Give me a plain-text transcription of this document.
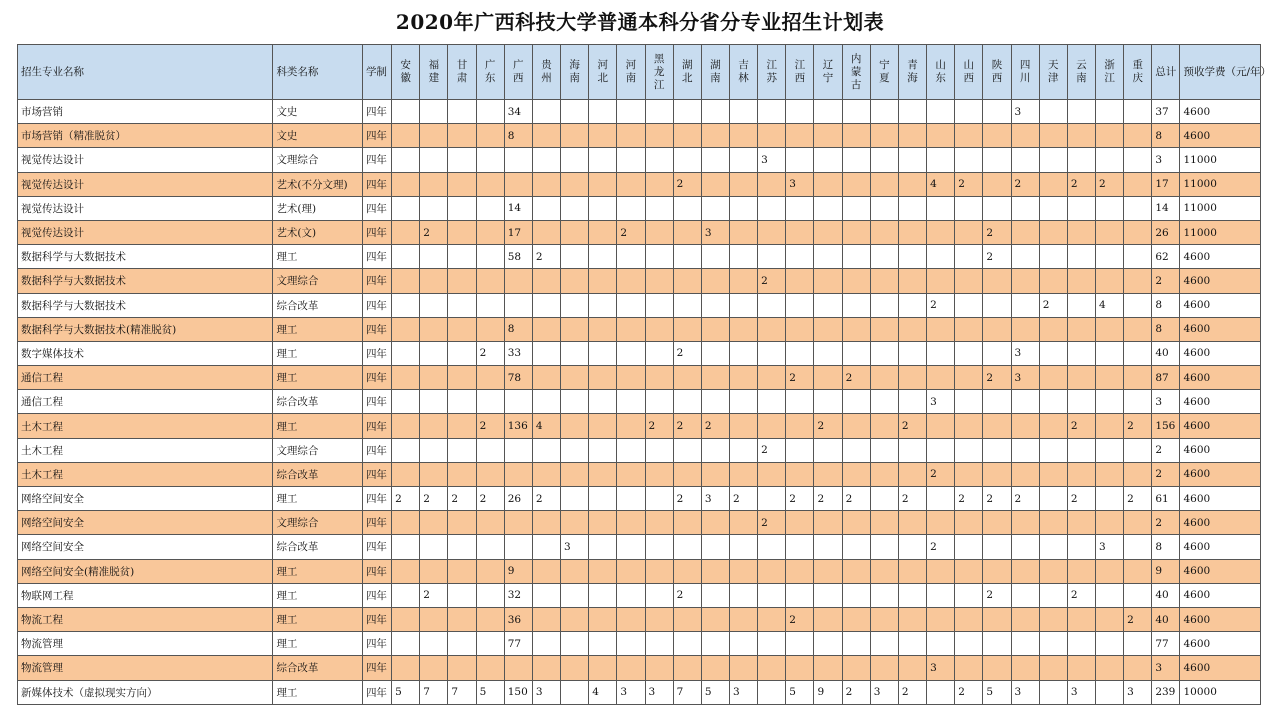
2020年广西科技大学普通本科分省分专业招生计划表
招生专业名称	科类名称	学制	安徽	福建	甘肃	广东	广西	贵州	海南	河北	河南	黑龙江	湖北	湖南	吉林	江苏	江西	辽宁	内蒙古	宁夏	青海	山东	山西	陕西	四川	天津	云南	浙江	重庆	总计	预收学费（元/年）
市场营销	文史	四年					34																		3					37	4600
市场营销（精准脱贫）	文史	四年					8																							8	4600
视觉传达设计	文理综合	四年														3														3	11000
视觉传达设计	艺术(不分文理)	四年											2				3					4	2		2		2	2		17	11000
视觉传达设计	艺术(理)	四年					14																							14	11000
视觉传达设计	艺术(文)	四年		2			17				2			3										2						26	11000
数据科学与大数据技术	理工	四年					58	2																2						62	4600
数据科学与大数据技术	文理综合	四年														2														2	4600
数据科学与大数据技术	综合改革	四年																				2				2		4		8	4600
数据科学与大数据技术(精准脱贫)	理工	四年					8																							8	4600
数字媒体技术	理工	四年				2	33						2												3					40	4600
通信工程	理工	四年					78										2		2					2	3					87	4600
通信工程	综合改革	四年																				3								3	4600
土木工程	理工	四年				2	136	4				2	2	2				2			2						2		2	156	4600
土木工程	文理综合	四年														2														2	4600
土木工程	综合改革	四年																				2								2	4600
网络空间安全	理工	四年	2	2	2	2	26	2					2	3	2		2	2	2		2		2	2	2		2		2	61	4600
网络空间安全	文理综合	四年														2														2	4600
网络空间安全	综合改革	四年							3													2						3		8	4600
网络空间安全(精准脱贫)	理工	四年					9																							9	4600
物联网工程	理工	四年		2			32						2											2			2			40	4600
物流工程	理工	四年					36										2												2	40	4600
物流管理	理工	四年					77																							77	4600
物流管理	综合改革	四年																				3								3	4600
新媒体技术（虚拟现实方向）	理工	四年	5	7	7	5	150	3		4	3	3	7	5	3		5	9	2	3	2		2	5	3		3		3	239	10000
